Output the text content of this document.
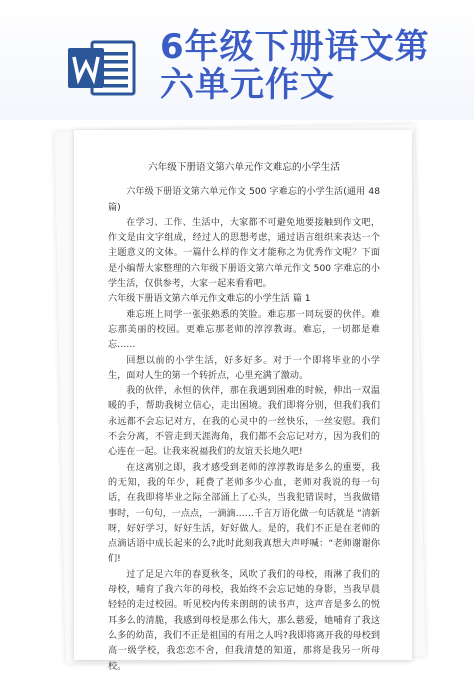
6年级下册语文第
六单元作文
六年级下册语文第六单元作文难忘的小学生活

六年级下册语文第六单元作文 500 字难忘的小学生活(通用 48 篇)

在学习、工作、生活中，大家都不可避免地要接触到作文吧，作文是由文字组成，经过人的思想考虑，通过语言组织来表达一个主题意义的文体。一篇什么样的作文才能称之为优秀作文呢？下面是小编帮大家整理的六年级下册语文第六单元作文 500 字难忘的小学生活，仅供参考，大家一起来看看吧。

六年级下册语文第六单元作文难忘的小学生活 篇 1

难忘班上同学一张张熟悉的笑脸。难忘那一同玩耍的伙伴。难忘那美丽的校园。更难忘那老师的淳淳教诲。难忘，一切都是难忘……

回想以前的小学生活，好多好多。对于一个即将毕业的小学生，面对人生的第一个转折点，心里充满了激动。

我的伙伴，永恒的伙伴，那在我遇到困难的时候，伸出一双温暖的手，帮助我树立信心，走出困境。我们即将分别，但我们我们永远都不会忘记对方，在我的心灵中的一丝快乐，一丝安慰。我们不会分离，不管走到天涯海角，我们都不会忘记对方，因为我们的心连在一起。让我来祝福我们的友谊天长地久吧!

在这离别之即，我才感受到老师的淳淳教诲是多么的重要，我的无知，我的年少，耗费了老师多少心血，老师对我说的每一句话，在我即将毕业之际全部涌上了心头，当我犯错误时，当我做错事时，一句句，一点点，一滴滴……千言万语化做一句话就是 “清新呀，好好学习，好好生活，好好做人。是的，我们不正是在老师的点滴话语中成长起来的么?此时此刻我真想大声呼喊：“老师谢谢你们!

过了足足六年的春夏秋冬，风吹了我们的母校，雨淋了我们的母校，哺育了我六年的母校，我始终不会忘记她的身影，当我早晨轻轻的走过校园。听见校内传来朗朗的读书声，这声音是多么的悦耳多么的清脆，我感到母校是那么伟大，那么慈爱，她哺育了我这么多的幼苗，我们不正是祖国的有用之人吗?我即将离开我的母校到高一级学校，我恋恋不舍，但我清楚的知道，那将是我另一所母校。
